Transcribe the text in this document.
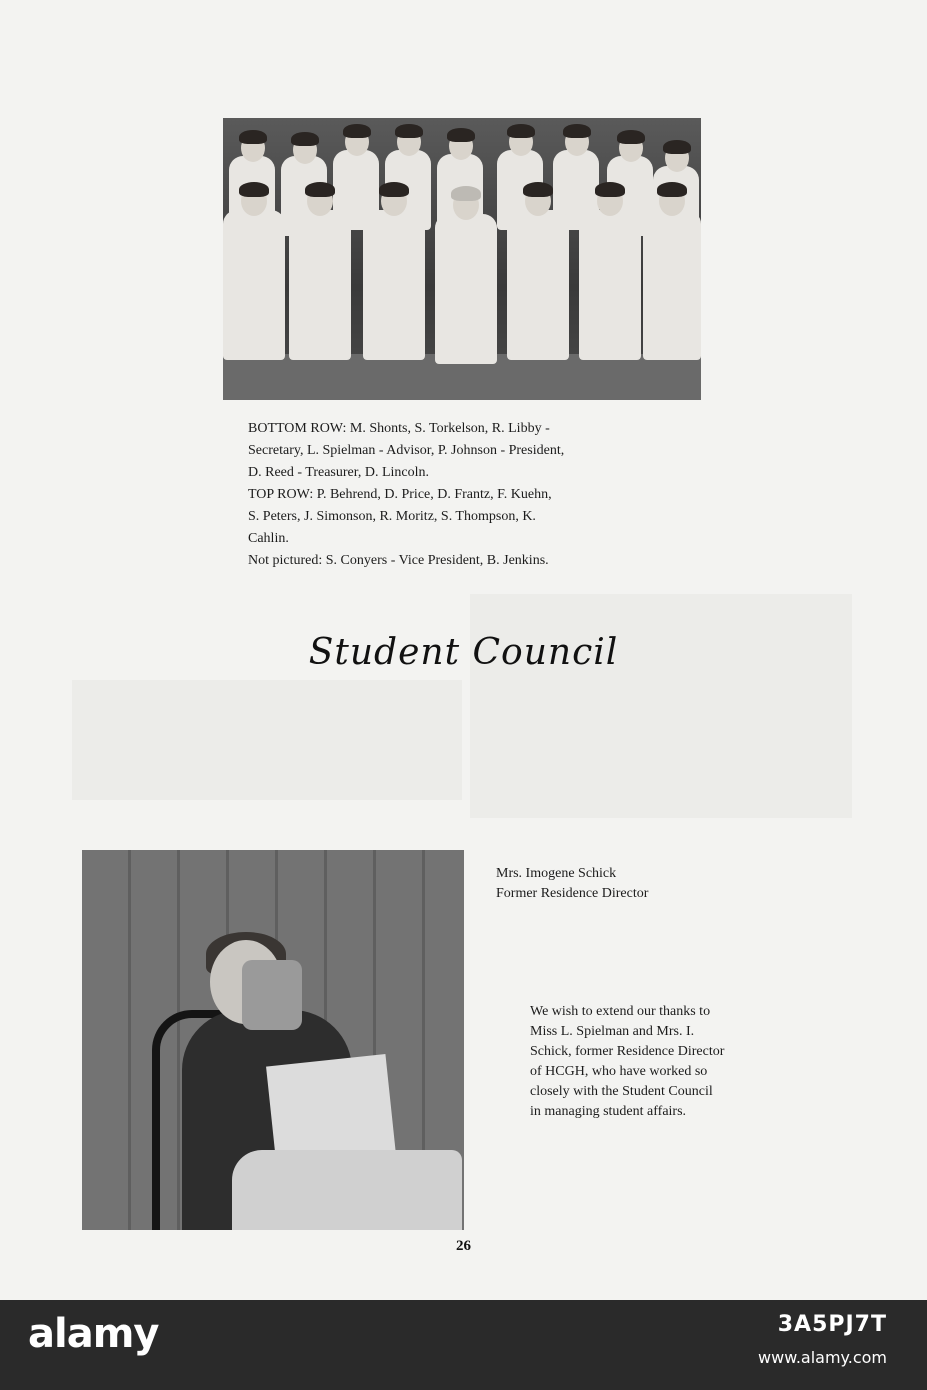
BOTTOM ROW: M. Shonts, S. Torkelson, R. Libby -

Secretary, L. Spielman - Advisor, P. Johnson - President,

D. Reed - Treasurer, D. Lincoln.

TOP ROW: P. Behrend, D. Price, D. Frantz, F. Kuehn,

S. Peters, J. Simonson, R. Moritz, S. Thompson, K.

Cahlin.

Not pictured: S. Conyers - Vice President, B. Jenkins.

Student Council
Mrs. Imogene Schick
Former Residence Director

We wish to extend our thanks to

Miss L. Spielman and Mrs. I.

Schick, former Residence Director

of HCGH, who have worked so

closely with the Student Council

in managing student affairs.

26
alamy	3A5PJ7T
www.alamy.com
